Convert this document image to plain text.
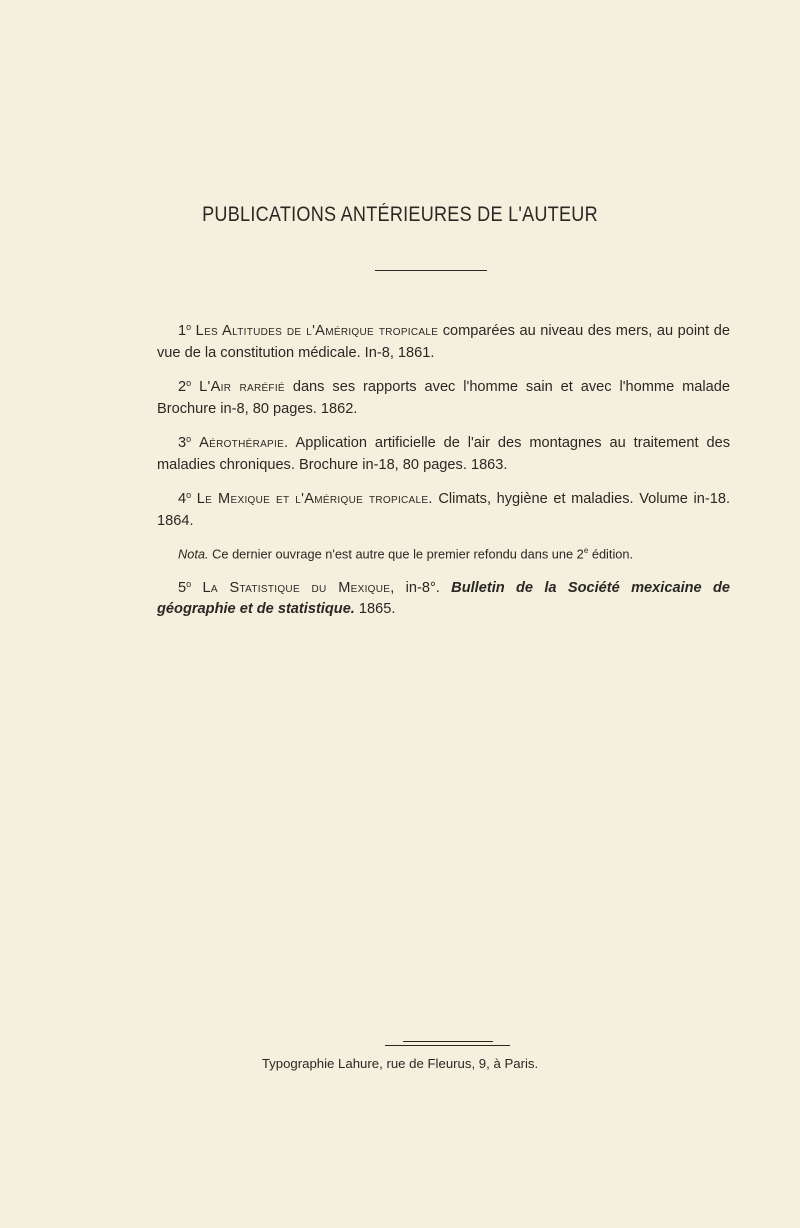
PUBLICATIONS ANTÉRIEURES DE L'AUTEUR

1$^o$ Les Altitudes de l'Amérique tropicale comparées au niveau des mers, au point de vue de la constitution médicale. In-8, 1861.

2$^o$ L'Air raréfié dans ses rapports avec l'homme sain et avec l'homme malade Brochure in-8, 80 pages. 1862.

3$^o$ Aérothérapie. Application artificielle de l'air des montagnes au traitement des maladies chroniques. Brochure in-18, 80 pages. 1863.

4$^o$ Le Mexique et l'Amérique tropicale. Climats, hygiène et maladies. Volume in-18. 1864.

Nota. Ce dernier ouvrage n'est autre que le premier refondu dans une 2e édition.

5$^o$ La Statistique du Mexique, in-8°. Bulletin de la Société mexicaine de géographie et de statistique. 1865.

Typographie Lahure, rue de Fleurus, 9, à Paris.
